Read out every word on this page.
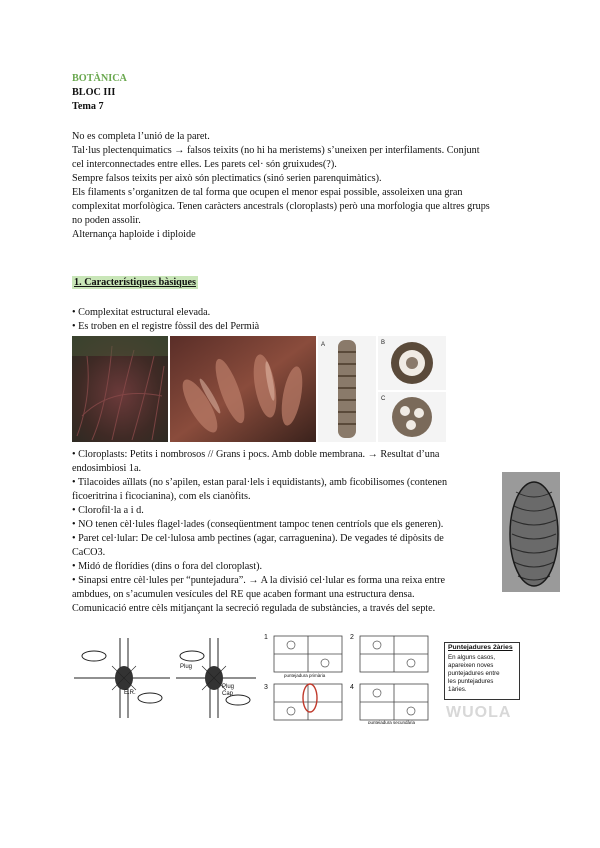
BOTÀNICA
BLOC III
Tema 7
No es completa l’unió de la paret.
Tal·lus plectenquimatics → falsos teixits (no hi ha meristems) s’uneixen per interfilaments. Conjunt
cel interconnectades entre elles. Les parets cel· són gruixudes(?).
Sempre falsos teixits per això són plectimatics (sinó serien parenquimàtics).
Els filaments s’organitzen de tal forma que ocupen el menor espai possible, assoleixen una gran
complexitat morfològica. Tenen caràcters ancestrals (cloroplasts) però una morfologia que altres grups
no poden assolir.
Alternança haploide i diploide
1. Característiques bàsiques
• Complexitat estructural elevada.
• Es troben en el registre fòssil des del Permià
A	B
C
• Cloroplasts: Petits i nombrosos // Grans i pocs. Amb doble membrana. → Resultat d’una
endosimbiosi 1a.
• Tilacoides aïllats (no s’apilen, estan paral·lels i equidistants), amb ficobilisomes (contenen
ficoeritrina i ficocianina), com els cianòfits.
• Clorofil·la a i d.
• NO tenen cèl·lules flagel·lades (conseqüentment tampoc tenen centríols que els generen).
• Paret cel·lular: De cel·lulosa amb pectines (agar, carraguenina). De vegades té dipòsits de
CaCO3.
• Midó de florídies (dins o fora del cloroplast).
• Sinapsi entre cèl·lules per “puntejadura”. → A la divisió cel·lular es forma una reixa entre
ambdues, on s’acumulen vesícules del RE que acaben formant una estructura densa.
Comunicació entre cèls mitjançant la secreció regulada de substàncies, a través del septe.
E.R.
Plug
Plug Cap
1	2
3	4
puntejadura primària
puntejadura secundària
Puntejadures 2àries
En alguns casos,
apareixen noves
puntejadures entre
les puntejadures
1àries.
WUOLA
